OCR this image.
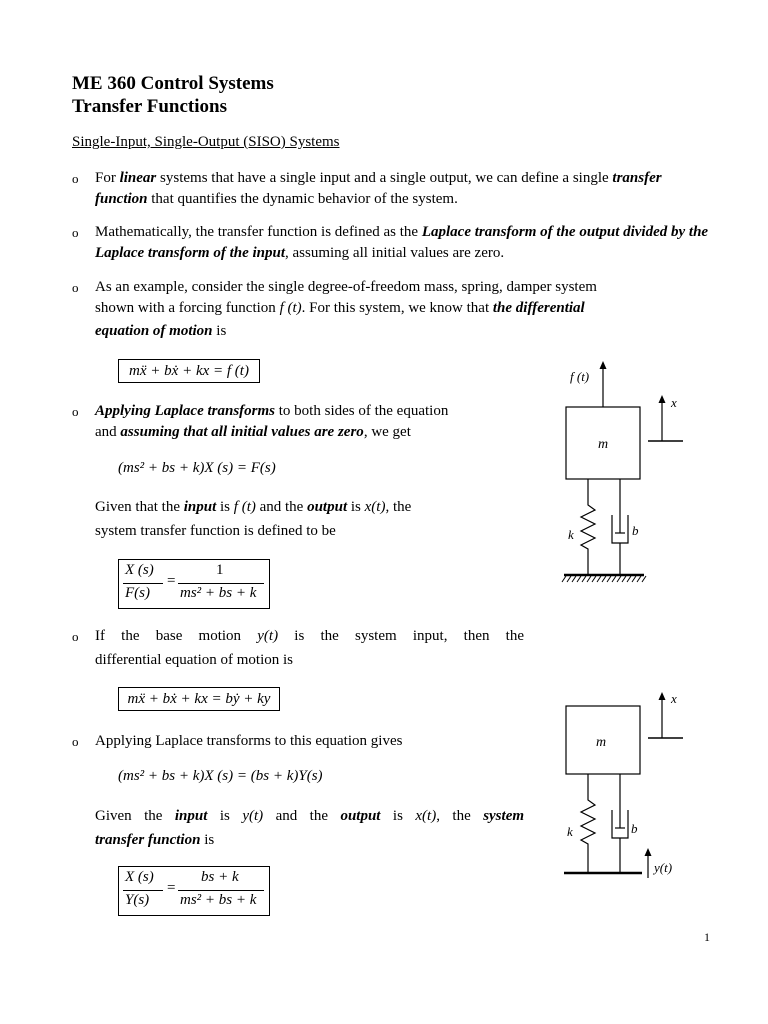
ME 360 Control Systems
Transfer Functions
Single-Input, Single-Output (SISO) Systems
o For linear systems that have a single input and a single output, we can define a single transfer function that quantifies the dynamic behavior of the system.
o Mathematically, the transfer function is defined as the Laplace transform of the output divided by the Laplace transform of the input, assuming all initial values are zero.
o As an example, consider the single degree-of-freedom mass, spring, damper system
shown with a forcing function f (t). For this system, we know that the differential
equation of motion is
mẍ + bẋ + kx = f (t)
o Applying Laplace transforms to both sides of the equation
and assuming that all initial values are zero, we get
(ms² + bs + k)X (s) = F(s)
Given that the input is f (t) and the output is x(t), the
system transfer function is defined to be
X (s)
F(s)
=
1
ms² + bs + k
o If the base motion y(t) is the system input, then the
differential equation of motion is
mẍ + bẋ + kx = bẏ + ky
o Applying Laplace transforms to this equation gives
(ms² + bs + k)X (s) = (bs + k)Y(s)
Given the input is y(t) and the output is x(t), the system
transfer function is
X (s)
Y(s)
=
bs + k
ms² + bs + k
f (t)
x
m
k	b
x
m
k	b
y(t)
1
